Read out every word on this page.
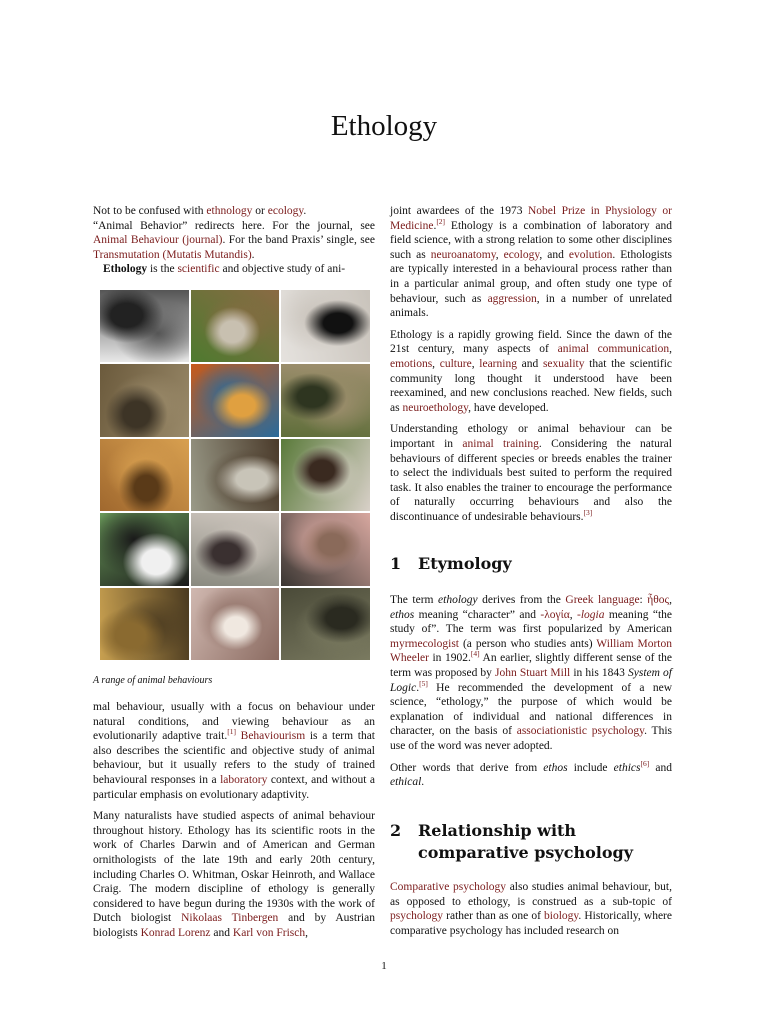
Ethology

Not to be confused with ethnology or ecology.

“Animal Behavior” redirects here. For the journal, see Animal Behaviour (journal). For the band Praxis’ single, see Transmutation (Mutatis Mutandis).

Ethology is the scientific and objective study of ani-

A range of animal behaviours

mal behaviour, usually with a focus on behaviour under natural conditions, and viewing behaviour as an evolutionarily adaptive trait.[1] Behaviourism is a term that also describes the scientific and objective study of animal behaviour, but it usually refers to the study of trained behavioural responses in a laboratory context, and without a particular emphasis on evolutionary adaptivity.

Many naturalists have studied aspects of animal behaviour throughout history. Ethology has its scientific roots in the work of Charles Darwin and of American and German ornithologists of the late 19th and early 20th century, including Charles O. Whitman, Oskar Heinroth, and Wallace Craig. The modern discipline of ethology is generally considered to have begun during the 1930s with the work of Dutch biologist Nikolaas Tinbergen and by Austrian biologists Konrad Lorenz and Karl von Frisch,

joint awardees of the 1973 Nobel Prize in Physiology or Medicine.[2] Ethology is a combination of laboratory and field science, with a strong relation to some other disciplines such as neuroanatomy, ecology, and evolution. Ethologists are typically interested in a behavioural process rather than in a particular animal group, and often study one type of behaviour, such as aggression, in a number of unrelated animals.

Ethology is a rapidly growing field. Since the dawn of the 21st century, many aspects of animal communication, emotions, culture, learning and sexuality that the scientific community long thought it understood have been reexamined, and new conclusions reached. New fields, such as neuroethology, have developed.

Understanding ethology or animal behaviour can be important in animal training. Considering the natural behaviours of different species or breeds enables the trainer to select the individuals best suited to perform the required task. It also enables the trainer to encourage the performance of naturally occurring behaviours and also the discontinuance of undesirable behaviours.[3]

1 Etymology

The term ethology derives from the Greek language: ἦθος, ethos meaning “character” and -λογία, -logia meaning “the study of”. The term was first popularized by American myrmecologist (a person who studies ants) William Morton Wheeler in 1902.[4] An earlier, slightly different sense of the term was proposed by John Stuart Mill in his 1843 System of Logic.[5] He recommended the development of a new science, “ethology,” the purpose of which would be explanation of individual and national differences in character, on the basis of associationistic psychology. This use of the word was never adopted.

Other words that derive from ethos include ethics[6] and ethical.

2 Relationship with comparative psychology

Comparative psychology also studies animal behaviour, but, as opposed to ethology, is construed as a sub-topic of psychology rather than as one of biology. Historically, where comparative psychology has included research on

1
